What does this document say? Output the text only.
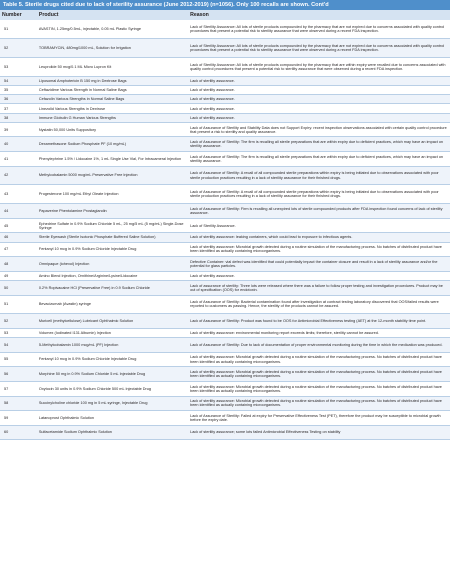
Table 5. Sterile drugs cited due to lack of sterility assurance (June 2012-2019) (n=1056). Only 100 recalls are shown. Cont'd
Number	Product	Reason
51	AVASTIN, 1.25mg/0.5mL, injectable, 0.05 mL Plastic Syringe	Lack of Sterility Assurance: All lots of sterile products compounded by the pharmacy that are not expired due to concerns associated with quality control procedures that present a potential risk to sterility assurance that were observed during a recent FDA inspection.
52	TOBRAMYCIN, 480mg/1000 mL, Solution for Irrigation	Lack of Sterility Assurance: All lots of sterile products compounded by the pharmacy that are not expired due to concerns associated with quality control procedures that present a potential risk to sterility assurance that were observed during a recent FDA inspection.
53	Leuprolide 50 mcg/0.1 ML Micro Lupron Kit	Lack of Sterility Assurance: All lots of sterile products compounded by the pharmacy that are within expiry were recalled due to concerns associated with quality control procedures that present a potential risk to sterility assurance that were observed during a recent FDA inspection.
54	Liposomal Amphotericin B 150 mg in Dextrose Bags	Lack of sterility assurance.
35	Ceftazidime Various Strength in Normal Saline Bags	Lack of sterility assurance.
36	Cefazolin Various Strengths in Normal Saline Bags	Lack of sterility assurance.
37	Linezolid Various Strengths in Dextrose	Lack of sterility assurance.
38	Immune Globulin G Human Various Strengths	Lack of sterility assurance.
39	Nystatin 50,000 Units Suppository	Lack of Assurance of Sterility and Stability Data does not Support Expiry: recent inspection observations associated with certain quality control procedure that present a risk to sterility and quality assurance.
40	Dexamethasone Sodium Phosphate PF (10 mg/mL)	Lack of Assurance of Sterility: The firm is recalling all sterile preparations that are within expiry due to deficient practices, which may have an impact on sterility assurance.
41	Phenylephrine 1.5% / Lidocaine 1%, 1 mL Single Use Vial, For Intracameral Injection	Lack of Assurance of Sterility: The firm is recalling all sterile preparations that are within expiry due to deficient practices, which may have an impact on sterility assurance.
42	Methylcobalamin 5000 mcg/mL Preservative Free Injection	Lack of Assurance of Sterility: A recall of all compounded sterile preparations within expiry is being initiated due to observations associated with poor sterile production practices resulting in a lack of sterility assurance for their finished drugs.
43	Progesterone 100 mg/mL Ethyl Oleate Injection	Lack of Assurance of Sterility: A recall of all compounded sterile preparations within expiry is being initiated due to observations associated with poor sterile production practices resulting in a lack of sterility assurance for their finished drugs.
44	Papaverine Phentolamine Prostaglandin	Lack of Assurance of Sterility: Firm is recalling all unexpired lots of sterile compounded products after FDA inspection found concerns of lack of sterility assurance.
45	Ephedrine Sulfate in 0.9% Sodium Chloride 5 mL, 25 mg/5 mL (5 mg/mL) Single-Dose Syringe	Lack of Sterility Assurance.
46	Sterile Eyewash (Sterile Isotonic Phosphate Buffered Saline Solution)	Lack of sterility assurance: leaking containers, which could lead to exposure to infectious agents.
47	Fentanyl 10 mcg in 0.9% Sodium Chloride Injectable Drug	Lack of sterility assurance: Microbial growth detected during a routine simulation of the manufacturing process. No batches of distributed product have been identified as actually containing microorganisms.
48	Omnipaque (iohexol) Injection	Defective Container: vial defect was identified that could potentially impact the container closure and result in a lack of sterility assurance and/or the potential for glass particles.
49	Amino Blend Injection, Ornithine/Arginine/Lysine/Lidocaine	Lack of sterility assurance.
50	0.2% Ropivacaine HCl (Preservative Free) in 0.9 Sodium Chloride	Lack of assurance of sterility: Three lots were released where there was a failure to follow proper testing and investigation procedures. Product may be out of specification (OOS) for endotoxin.
51	Bevacizumab (Avastin) syringe	Lack of Assurance of Sterility: Bacterial contamination found after investigation at contract testing laboratory discovered that OOS/failed results were reported to customers as passing. Hence, the sterility of the products cannot be assured.
52	Muricell (methylcellulose) Lubricant Ophthalmic Solution	Lack of Assurance of Sterility: Product was found to be OOS for Antimicrobial Effectiveness testing (AET) at the 12-month stability time point.
53	Volumex (Iodinated I131 Albumin) Injection	Lack of sterility assurance: environmental monitoring report exceeds limits; therefore, sterility cannot be assured.
54	5-Methylcobalamin 1000 mcg/mL (PF) Injection	Lack of Assurance of Sterility: Due to lack of documentation of proper environmental monitoring during the time in which the medication was produced.
55	Fentanyl 10 mcg in 0.9% Sodium Chloride Injectable Drug	Lack of sterility assurance: Microbial growth detected during a routine simulation of the manufacturing process. No batches of distributed product have been identified as actually containing microorganisms.
56	Morphine 50 mg in 0.9% Sodium Chloride 5 mL Injectable Drug	Lack of sterility assurance: Microbial growth detected during a routine simulation of the manufacturing process. No batches of distributed product have been identified as actually containing microorganisms.
57	Oxytocin 30 units in 0.9% Sodium Chloride 500 mL Injectable Drug	Lack of sterility assurance: Microbial growth detected during a routine simulation of the manufacturing process. No batches of distributed product have been identified as actually containing microorganisms.
58	Succinylcholine chloride 100 mg in 5 mL syringe, Injectable Drug	Lack of sterility assurance: Microbial growth detected during a routine simulation of the manufacturing process. No batches of distributed product have been identified as actually containing microorganisms.
59	Latanoprost Ophthalmic Solution	Lack of Assurance of Sterility: Failed at expiry for Preservative Effectiveness Test (PET), therefore the product may be susceptible to microbial growth before the expiry date.
60	Sulfacetamide Sodium Ophthalmic Solution	Lack of sterility assurance; some lots failed Antimicrobial Effectiveness Testing on stability
